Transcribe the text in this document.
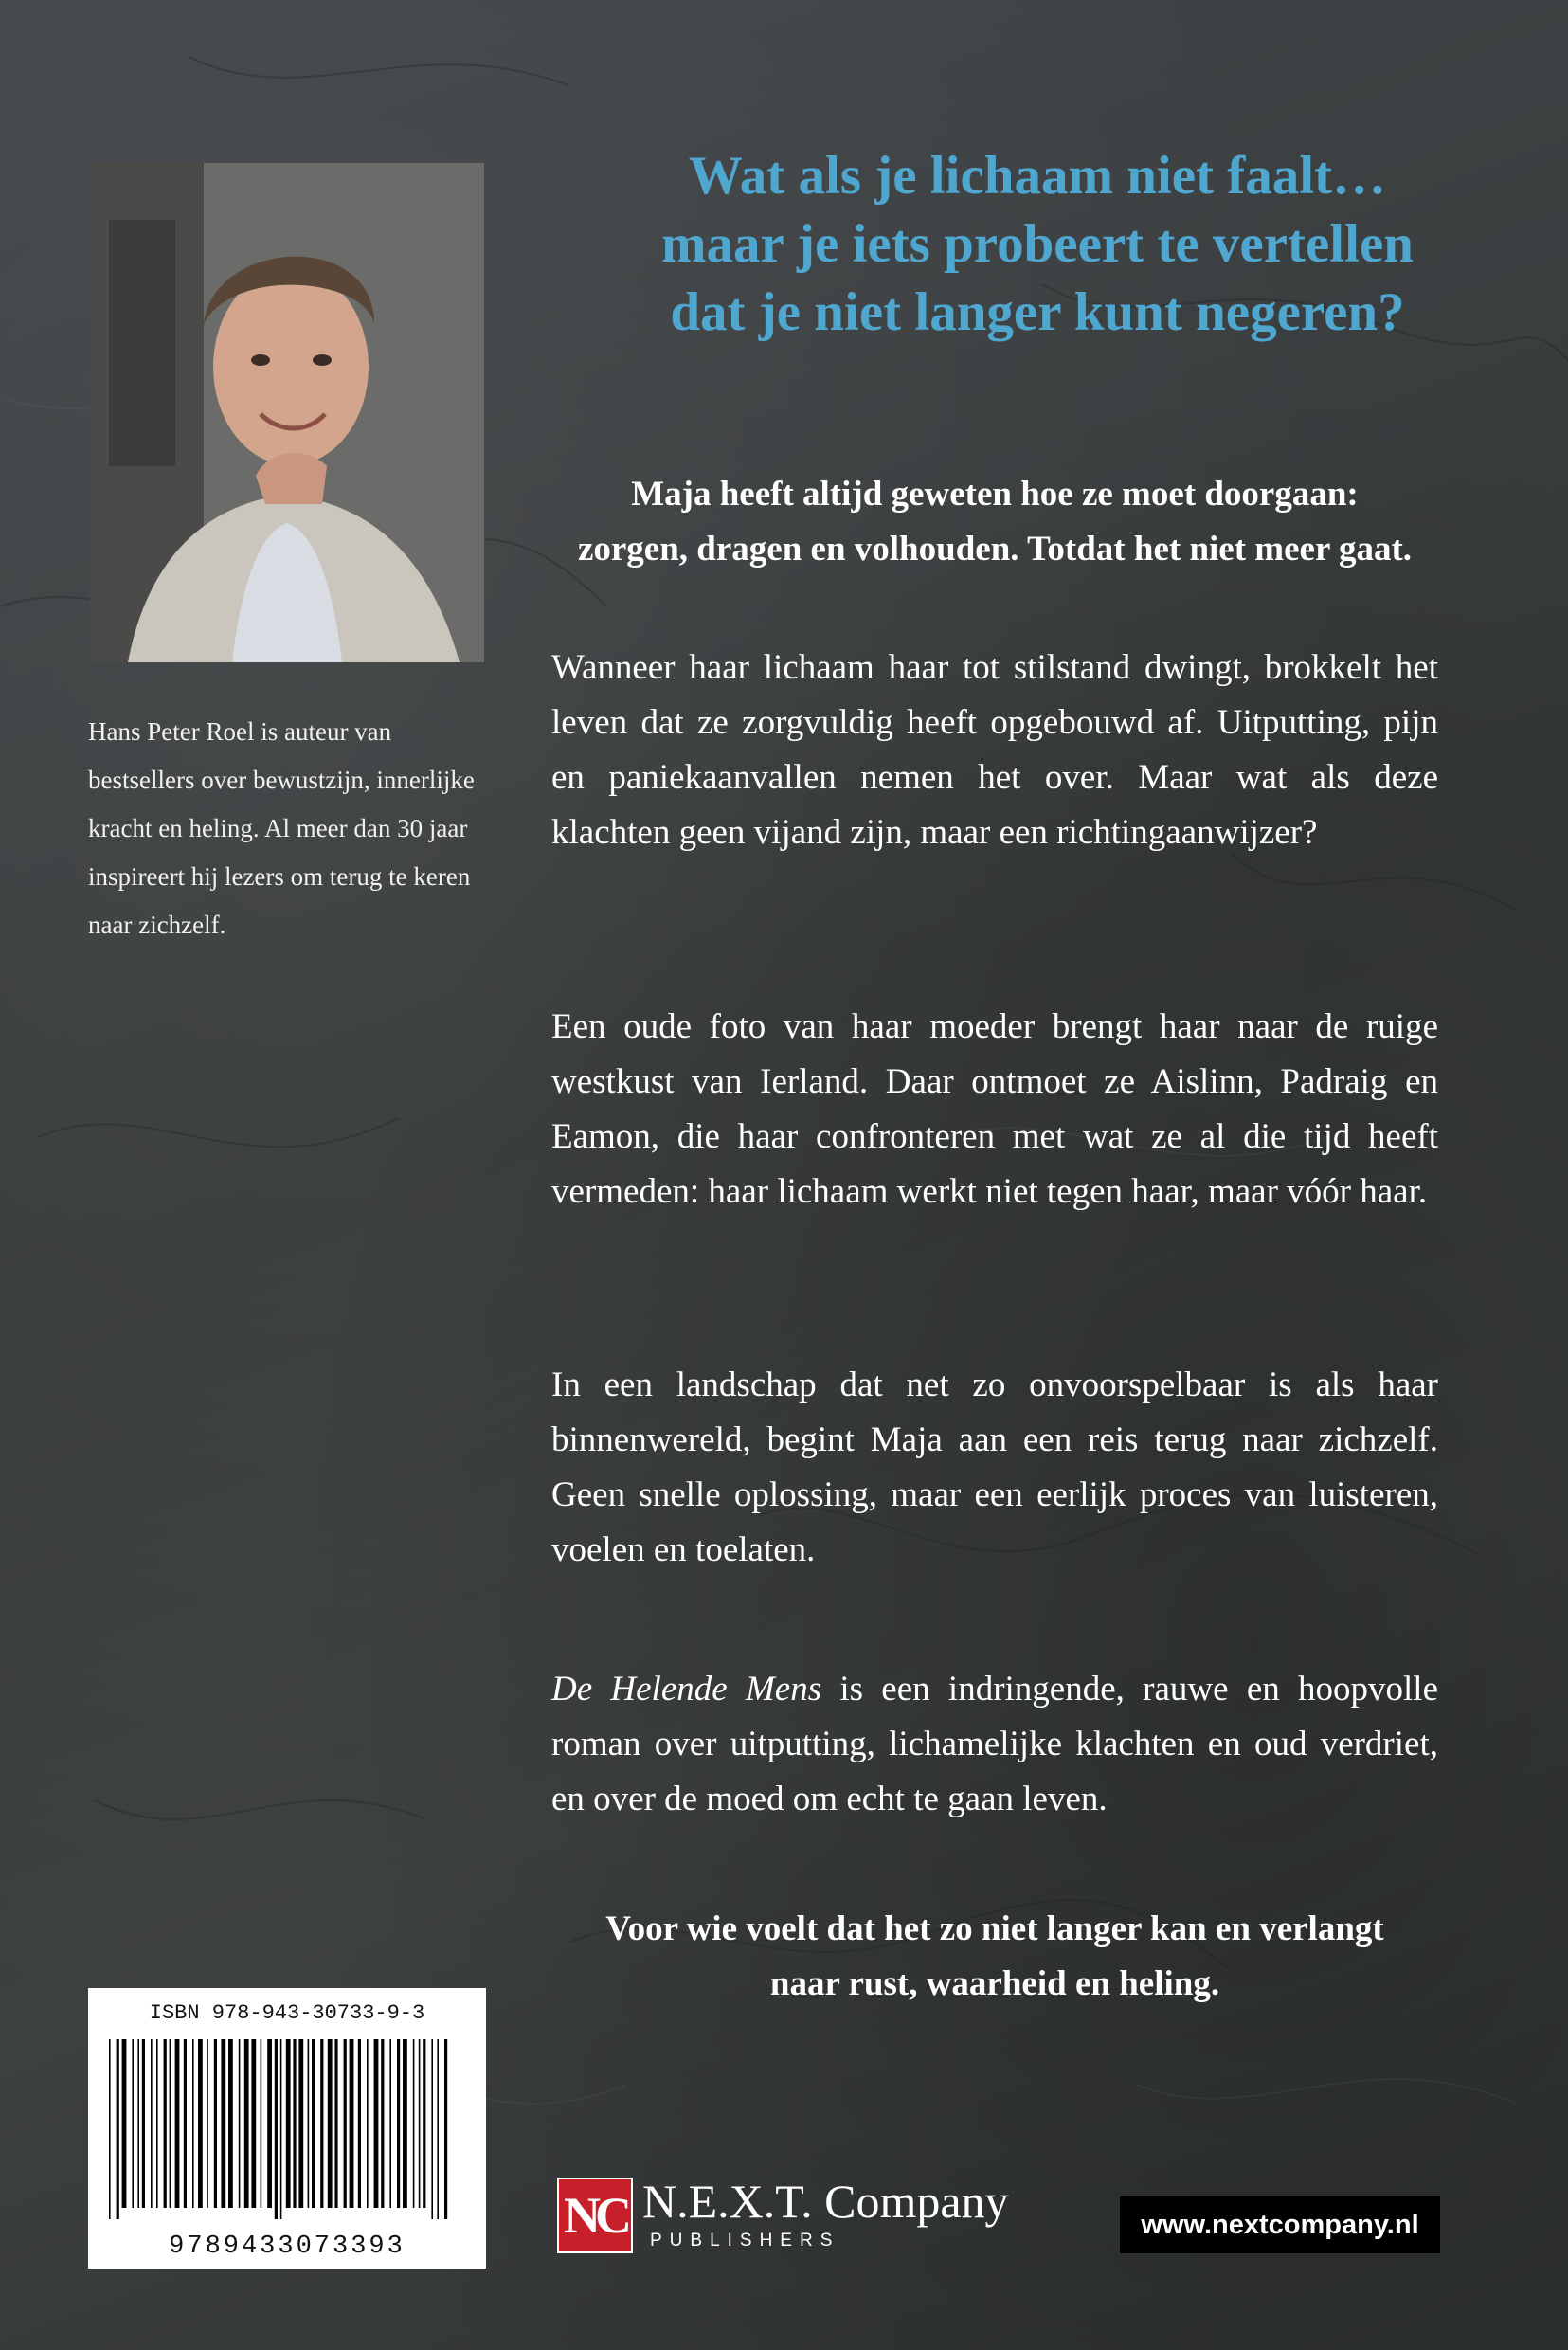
Wat als je lichaam niet faalt…
maar je iets probeert te vertellen
dat je niet langer kunt negeren?

Hans Peter Roel is auteur van bestsellers over bewustzijn, innerlijke kracht en heling. Al meer dan 30 jaar inspireert hij lezers om terug te keren naar zichzelf.

Maja heeft altijd geweten hoe ze moet doorgaan:
zorgen, dragen en volhouden. Totdat het niet meer gaat.

Wanneer haar lichaam haar tot stilstand dwingt, brokkelt het leven dat ze zorgvuldig heeft opgebouwd af. Uitputting, pijn en paniekaanvallen nemen het over. Maar wat als deze klachten geen vijand zijn, maar een richtingaanwijzer?

Een oude foto van haar moeder brengt haar naar de ruige westkust van Ierland. Daar ontmoet ze Aislinn, Padraig en Eamon, die haar confronteren met wat ze al die tijd heeft vermeden: haar lichaam werkt niet tegen haar, maar vóór haar.

In een landschap dat net zo onvoorspelbaar is als haar binnenwereld, begint Maja aan een reis terug naar zichzelf. Geen snelle oplossing, maar een eerlijk proces van luisteren, voelen en toelaten.

De Helende Mens is een indringende, rauwe en hoopvolle roman over uitputting, lichamelijke klachten en oud verdriet, en over de moed om echt te gaan leven.

Voor wie voelt dat het zo niet langer kan en verlangt
naar rust, waarheid en heling.

ISBN 978-943-30733-9-3
9789433073393
NC N.E.X.T. Company
PUBLISHERS
www.nextcompany.nl
